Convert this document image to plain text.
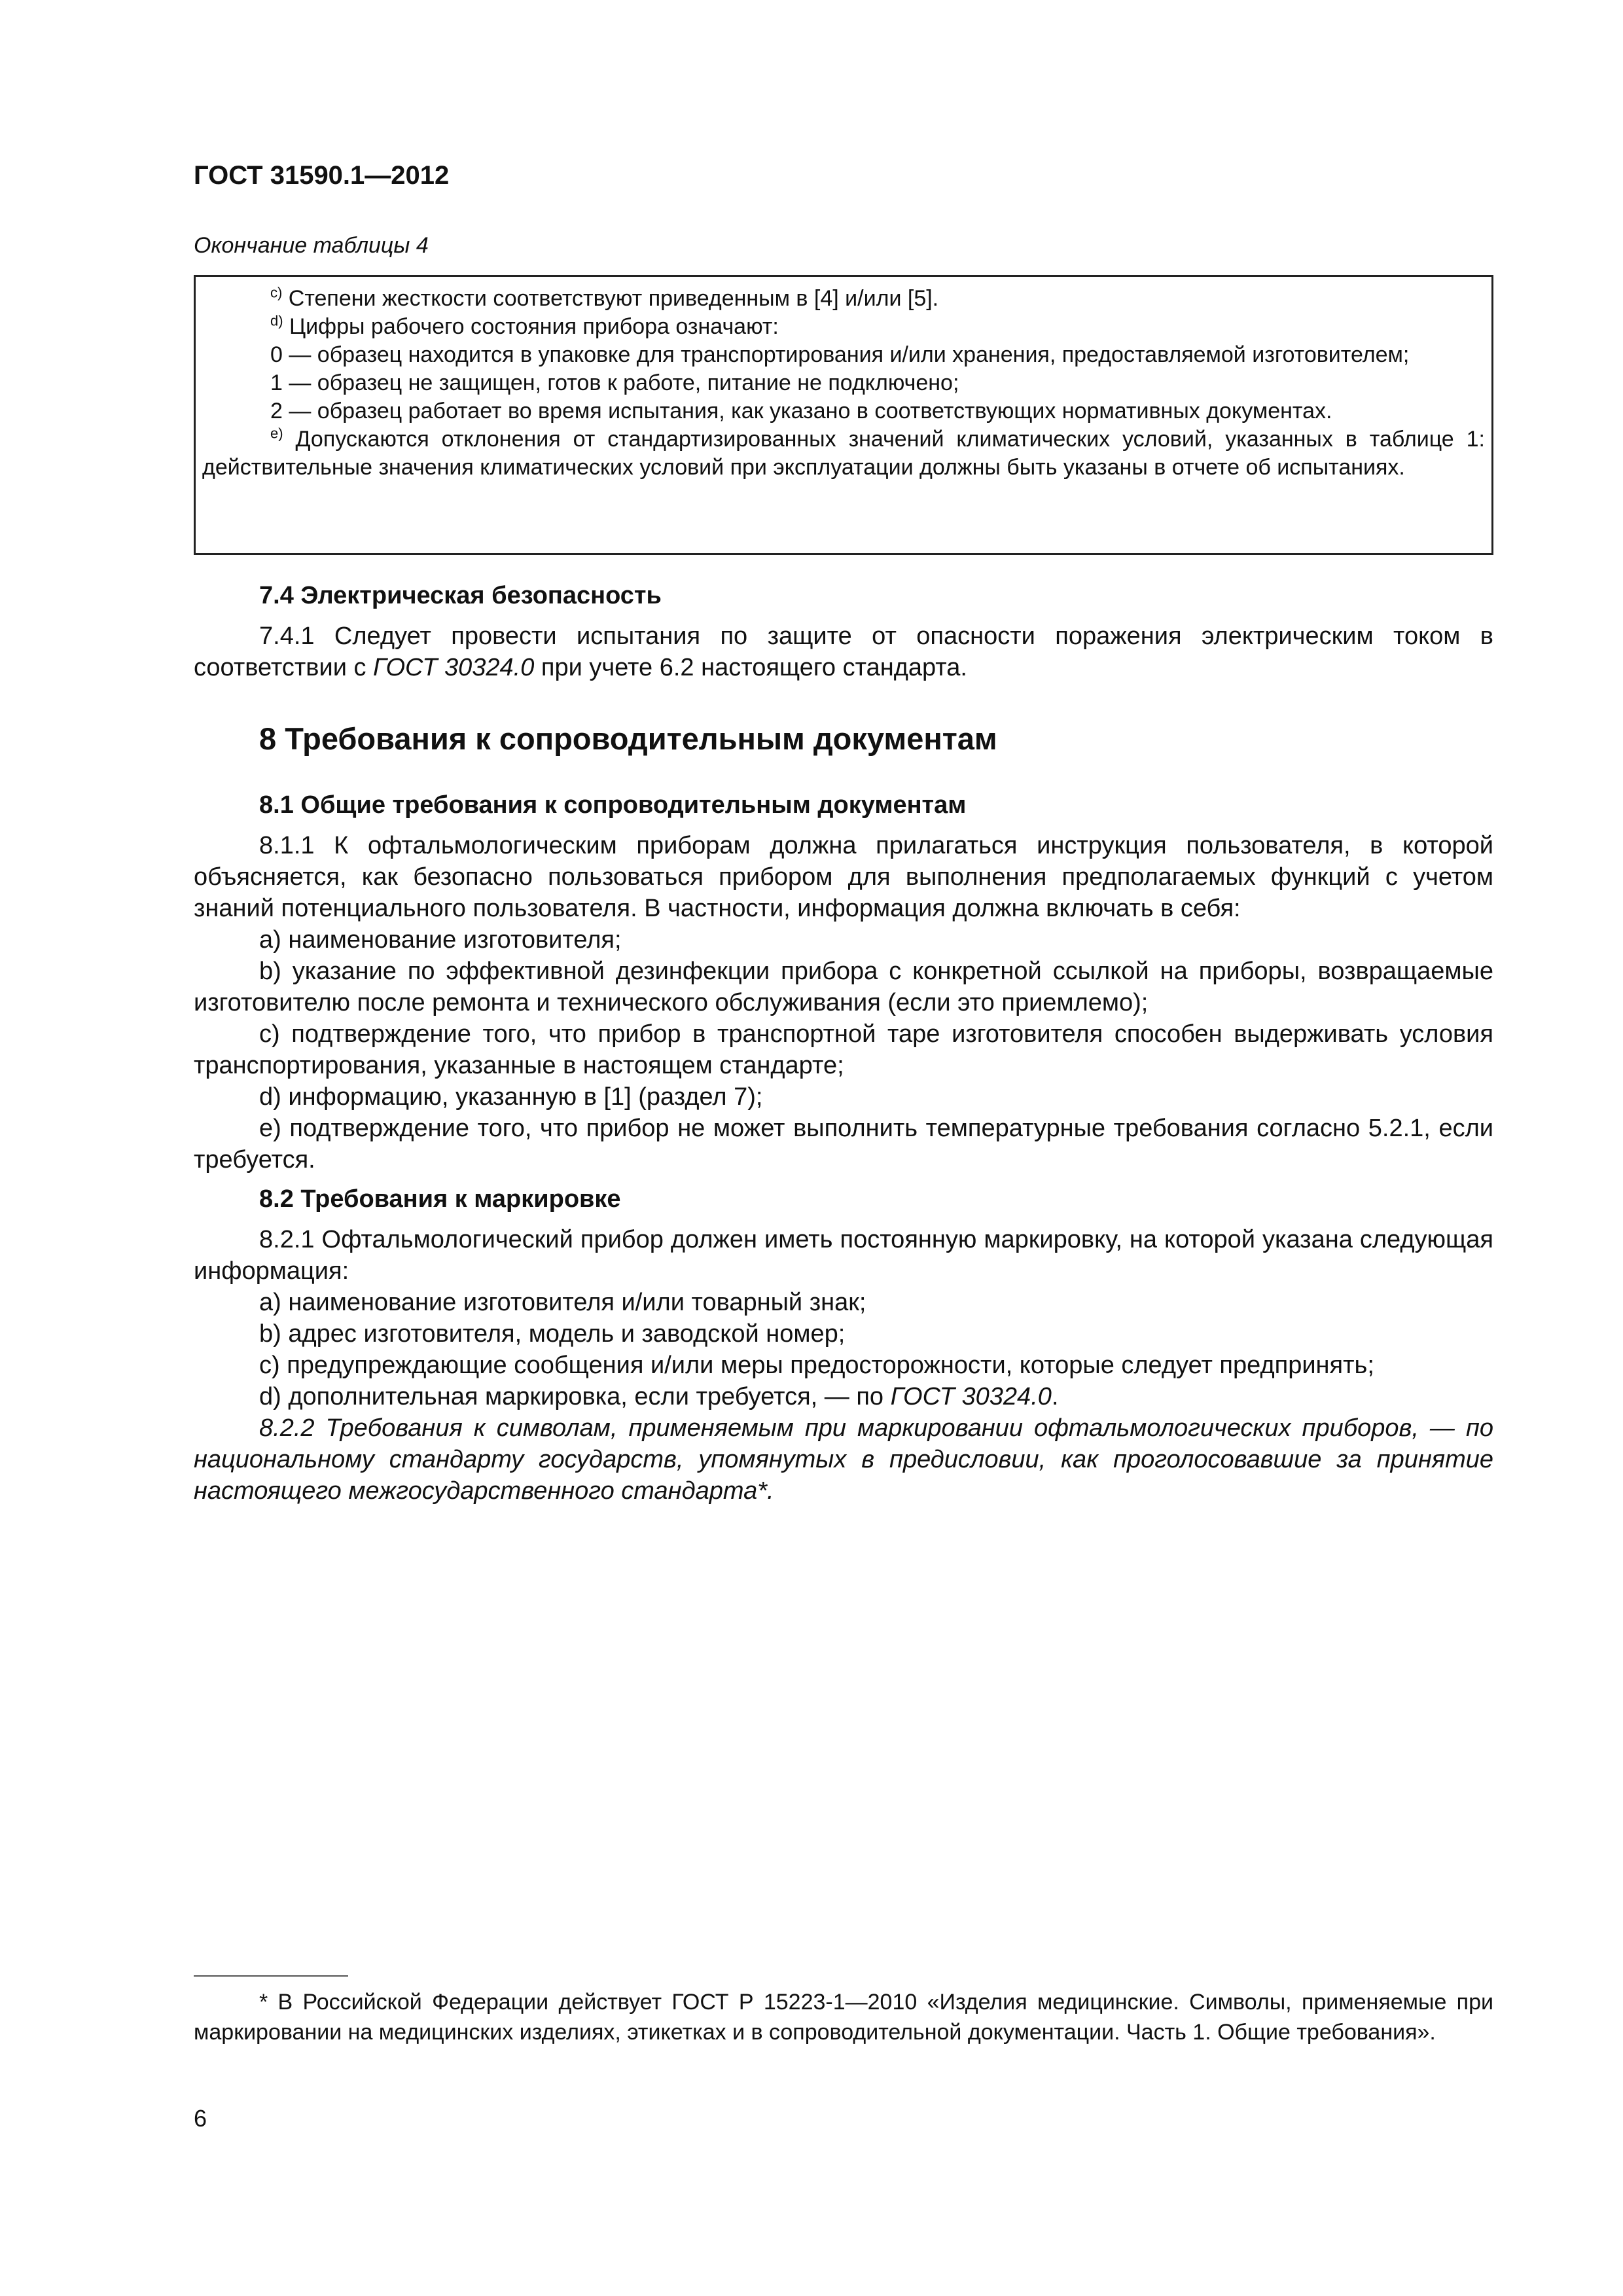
ГОСТ 31590.1—2012

Окончание таблицы 4

$^{c)}$ Степени жесткости соответствуют приведенным в [4] и/или [5].

$^{d)}$ Цифры рабочего состояния прибора означают:

0 — образец находится в упаковке для транспортирования и/или хранения, предоставляемой изготовителем;

1 — образец не защищен, готов к работе, питание не подключено;

2 — образец работает во время испытания, как указано в соответствующих нормативных документах.

$^{e)}$ Допускаются отклонения от стандартизированных значений климатических условий, указанных в таблице 1: действительные значения климатических условий при эксплуатации должны быть указаны в отчете об испытаниях.

7.4 Электрическая безопасность

7.4.1 Следует провести испытания по защите от опасности поражения электрическим током в соответствии с ГОСТ 30324.0 при учете 6.2 настоящего стандарта.

8 Требования к сопроводительным документам

8.1 Общие требования к сопроводительным документам

8.1.1 К офтальмологическим приборам должна прилагаться инструкция пользователя, в которой объясняется, как безопасно пользоваться прибором для выполнения предполагаемых функций с учетом знаний потенциального пользователя. В частности, информация должна включать в себя:

a) наименование изготовителя;

b) указание по эффективной дезинфекции прибора с конкретной ссылкой на приборы, возвращаемые изготовителю после ремонта и технического обслуживания (если это приемлемо);

c) подтверждение того, что прибор в транспортной таре изготовителя способен выдерживать условия транспортирования, указанные в настоящем стандарте;

d) информацию, указанную в [1] (раздел 7);

e) подтверждение того, что прибор не может выполнить температурные требования согласно 5.2.1, если требуется.

8.2 Требования к маркировке

8.2.1 Офтальмологический прибор должен иметь постоянную маркировку, на которой указана следующая информация:

a) наименование изготовителя и/или товарный знак;

b) адрес изготовителя, модель и заводской номер;

c) предупреждающие сообщения и/или меры предосторожности, которые следует предпринять;

d) дополнительная маркировка, если требуется, — по ГОСТ 30324.0.

8.2.2 Требования к символам, применяемым при маркировании офтальмологических приборов, — по национальному стандарту государств, упомянутых в предисловии, как проголосовавшие за принятие настоящего межгосударственного стандарта*.

* В Российской Федерации действует ГОСТ Р 15223-1—2010 «Изделия медицинские. Символы, применяемые при маркировании на медицинских изделиях, этикетках и в сопроводительной документации. Часть 1. Общие требования».

6
